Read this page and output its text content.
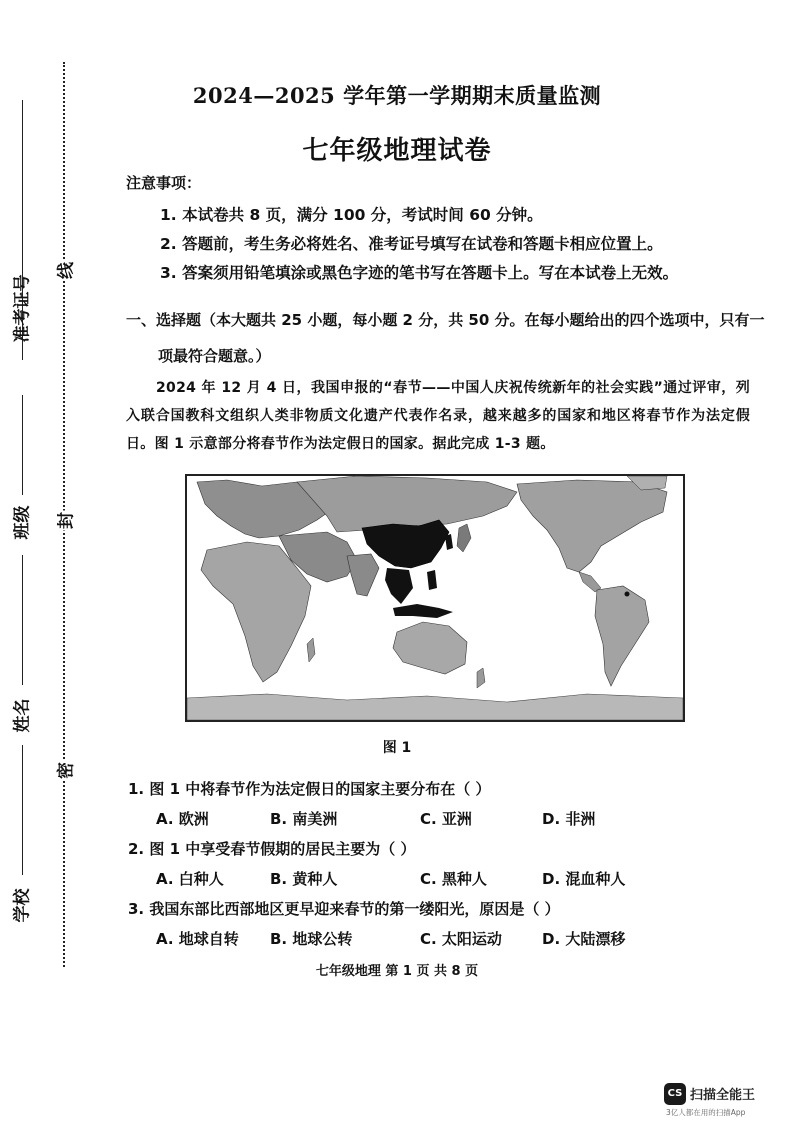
准考证号
班级
姓名
学校
线
封
密
2024—2025 学年第一学期期末质量监测
七年级地理试卷
注意事项：
1. 本试卷共 8 页，满分 100 分，考试时间 60 分钟。
2. 答题前，考生务必将姓名、准考证号填写在试卷和答题卡相应位置上。
3. 答案须用铅笔填涂或黑色字迹的笔书写在答题卡上。写在本试卷上无效。
一、选择题（本大题共 25 小题，每小题 2 分，共 50 分。在每小题给出的四个选项中，只有一
项最符合题意。）
2024 年 12 月 4 日，我国申报的“春节——中国人庆祝传统新年的社会实践”通过评审，列入联合国教科文组织人类非物质文化遗产代表作名录，越来越多的国家和地区将春节作为法定假日。图 1 示意部分将春节作为法定假日的国家。据此完成 1-3 题。
图 1
1. 图 1 中将春节作为法定假日的国家主要分布在（ ）
A. 欧洲	B. 南美洲	C. 亚洲	D. 非洲
2. 图 1 中享受春节假期的居民主要为（ ）
A. 白种人	B. 黄种人	C. 黑种人	D. 混血种人
3. 我国东部比西部地区更早迎来春节的第一缕阳光，原因是（ ）
A. 地球自转 B. 地球公转	C. 太阳运动	D. 大陆漂移
七年级地理 第 1 页 共 8 页
CS 扫描全能王
3亿人都在用的扫描App
